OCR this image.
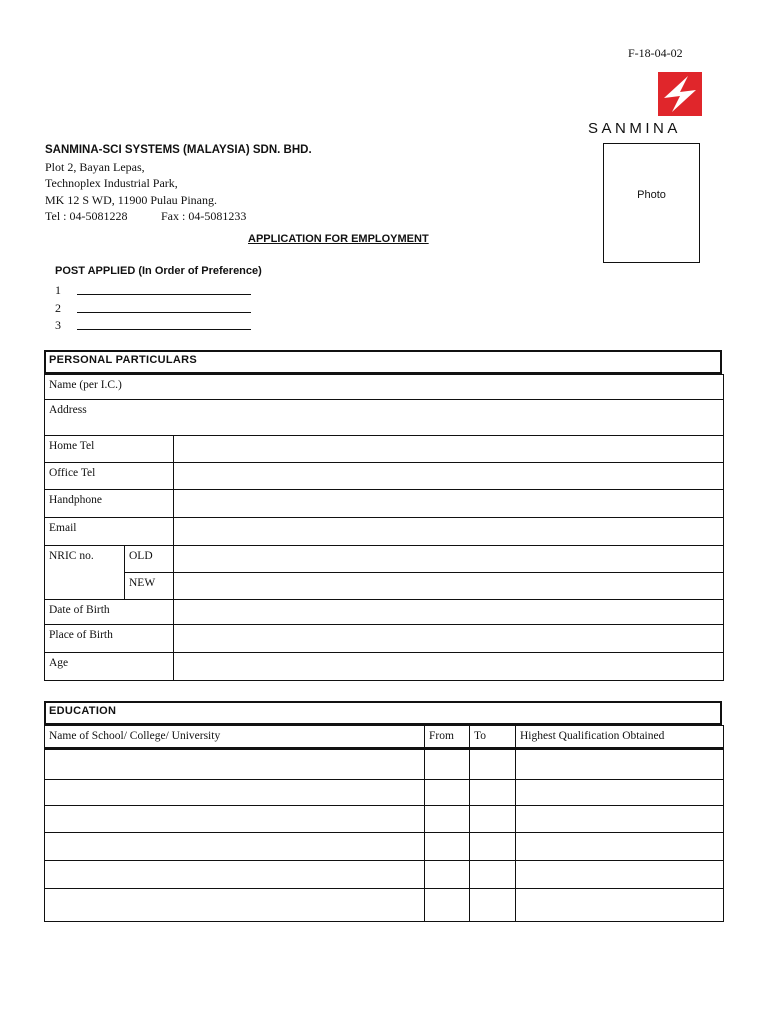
F-18-04-02
SANMINA
SANMINA-SCI SYSTEMS (MALAYSIA) SDN. BHD.
Plot 2, Bayan Lepas,
Technoplex Industrial Park,
MK 12 S WD, 11900 Pulau Pinang.
Tel : 04-5081228	Fax : 04-5081233
Photo
APPLICATION FOR EMPLOYMENT
POST APPLIED (In Order of Preference)
1
2
3
PERSONAL PARTICULARS
Name (per I.C.)		
Address		
Home Tel		
Office Tel		
Handphone		
Email		
NRIC no.	OLD	
	NEW	
Date of Birth		
Place of Birth		
Age		
EDUCATION
Name of School/ College/ University	From	To	Highest Qualification Obtained
